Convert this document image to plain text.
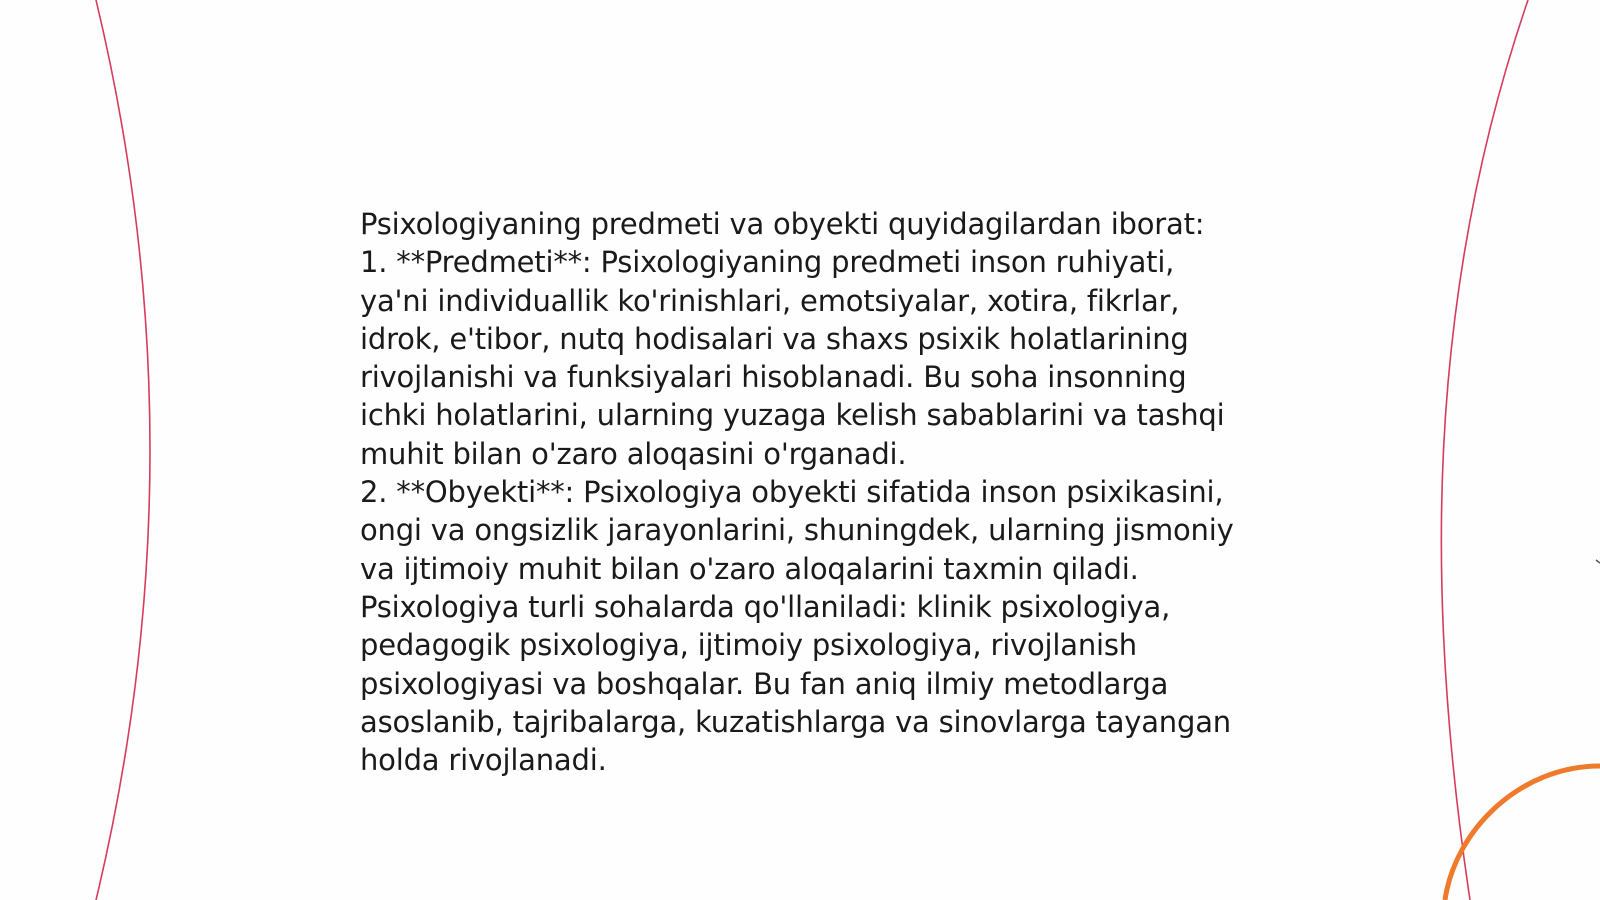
Psixologiyaning predmeti va obyekti quyidagilardan iborat:

1. **Predmeti**: Psixologiyaning predmeti inson ruhiyati, ya'ni individuallik ko'rinishlari, emotsiyalar, xotira, fikrlar, idrok, e'tibor, nutq hodisalari va shaxs psixik holatlarining rivojlanishi va funksiyalari hisoblanadi. Bu soha insonning ichki holatlarini, ularning yuzaga kelish sabablarini va tashqi muhit bilan o'zaro aloqasini o'rganadi.

2. **Obyekti**: Psixologiya obyekti sifatida inson psixikasini, ongi va ongsizlik jarayonlarini, shuningdek, ularning jismoniy va ijtimoiy muhit bilan o'zaro aloqalarini taxmin qiladi. Psixologiya turli sohalarda qo'llaniladi: klinik psixologiya, pedagogik psixologiya, ijtimoiy psixologiya, rivojlanish psixologiyasi va boshqalar. Bu fan aniq ilmiy metodlarga asoslanib, tajribalarga, kuzatishlarga va sinovlarga tayangan holda rivojlanadi.
